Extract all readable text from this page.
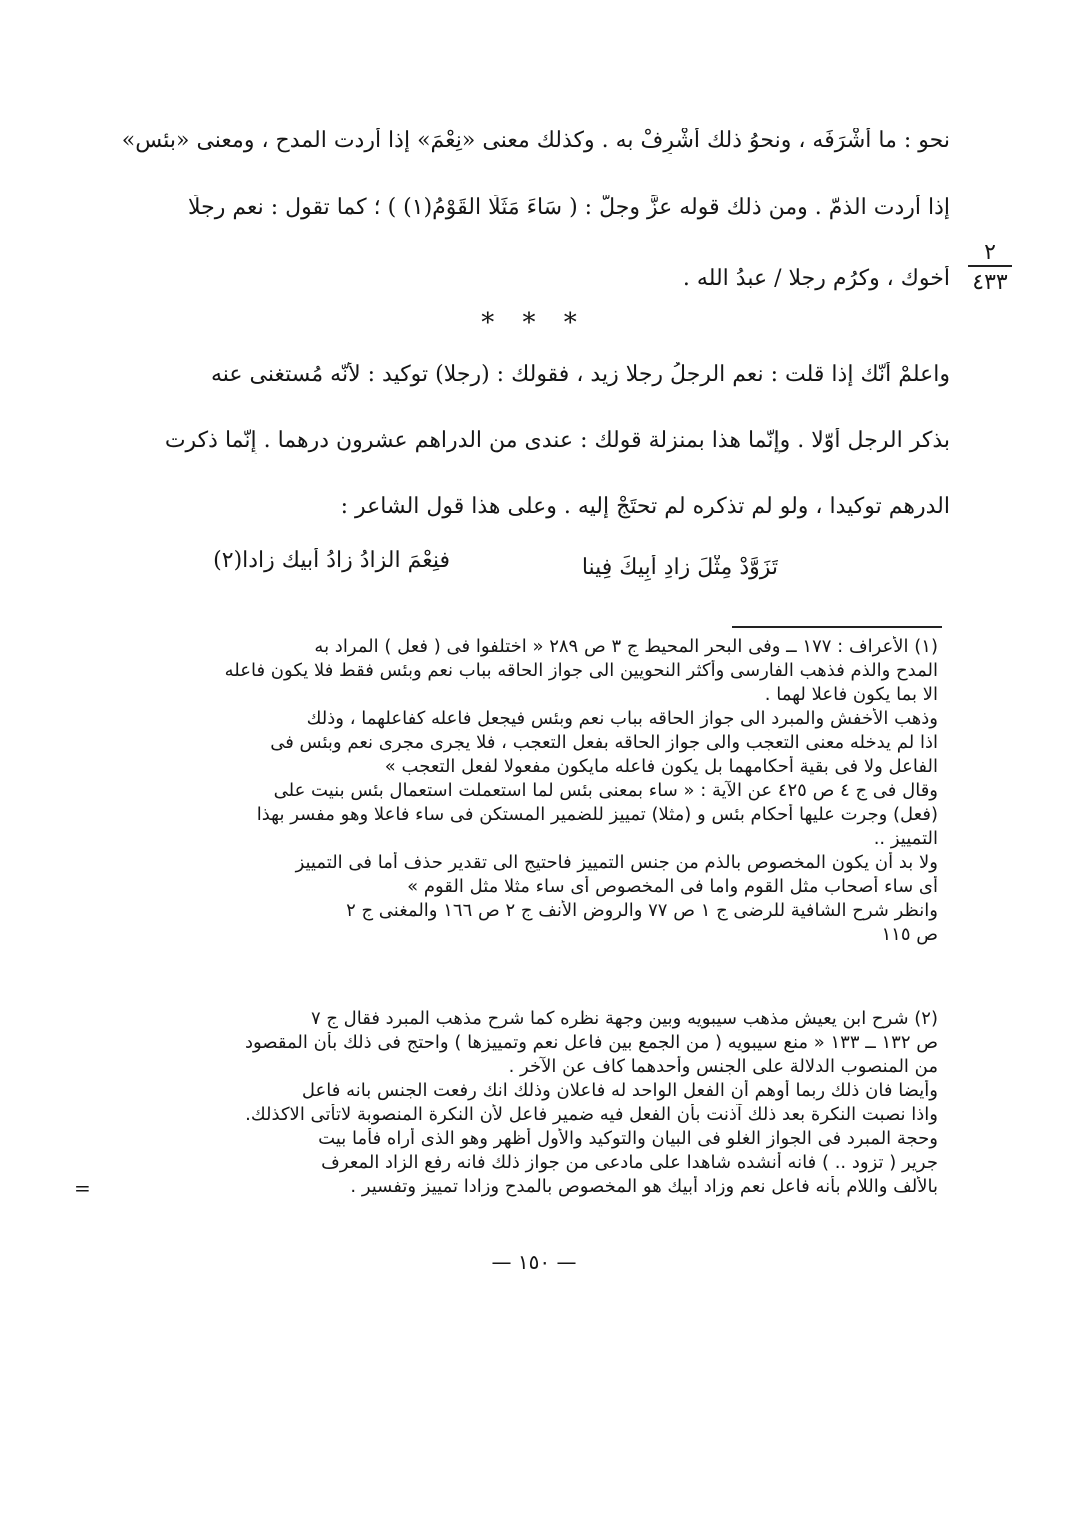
نحو : ما أشْرَفَه ، ونحوُ ذلك أَشْرِفْ به . وكذلك معنى «نِعْمَ» إذا أَردت المدح ، ومعنى «بئس»
إذا أَردت الذمّ . ومن ذلك قوله عزَّ وجلَّ : ( سَاءَ مَثَلًا القَوْمُ(١) ) ؛ كما تقول : نعم رجلًا
أَخوك ، وكرُم رجلا / عبدُ الله .
٢
٤٣٣
* * *
واعلمْ أَنّك إذا قلت : نعم الرجلُ رجلا زيد ، فقولك : (رجلا) توكيد : لأَنّه مُستغنى عنه
بذكر الرجل أَوّلا . وإِنّما هذا بمنزلة قولك : عندى من الدراهم عشرون درهما . إِنّما ذكرت
الدرهم توكيدا ، ولو لم تذكره لم تحتَجْ إليه . وعلى هذا قول الشاعر :
تَزَوَّدْ مِثْلَ زادِ أَبِيكَ فِينا
فنِعْمَ الزادُ زادُ أَبيك زادا(٢)
(١) الأعراف : ١٧٧ ــ وفى البحر المحيط ج ٣ ص ٢٨٩ « اختلفوا فى ( فعل ) المراد به
المدح والذم فذهب الفارسى وأكثر النحويين الى جواز الحاقه بباب نعم وبئس فقط فلا يكون فاعله
الا بما يكون فاعلا لهما .
وذهب الأخفش والمبرد الى جواز الحاقه بباب نعم وبئس فيجعل فاعله كفاعلهما ، وذلك
اذا لم يدخله معنى التعجب والى جواز الحاقه بفعل التعجب ، فلا يجرى مجرى نعم وبئس فى
الفاعل ولا فى بقية أحكامهما بل يكون فاعله مايكون مفعولا لفعل التعجب »
وقال فى ج ٤ ص ٤٢٥ عن الآية : « ساء بمعنى بئس لما استعملت استعمال بئس بنيت على
(فعل) وجرت عليها أحكام بئس و (مثلا) تمييز للضمير المستكن فى ساء فاعلا وهو مفسر بهذا
التمييز ..
ولا بد أن يكون المخصوص بالذم من جنس التمييز فاحتيج الى تقدير حذف أما فى التمييز
أى ساء أصحاب مثل القوم واما فى المخصوص أى ساء مثلا مثل القوم »
وانظر شرح الشافية للرضى ج ١ ص ٧٧ والروض الأنف ج ٢ ص ١٦٦ والمغنى ج ٢
ص ١١٥
(٢) شرح ابن يعيش مذهب سيبويه وبين وجهة نظره كما شرح مذهب المبرد فقال ج ٧
ص ١٣٢ ــ ١٣٣ « منع سيبويه ( من الجمع بين فاعل نعم وتمييزها ) واحتج فى ذلك بأن المقصود
من المنصوب الدلالة على الجنس وأحدهما كاف عن الآخر .
وأيضا فان ذلك ربما أوهم أن الفعل الواحد له فاعلان وذلك انك رفعت الجنس بانه فاعل
واذا نصبت النكرة بعد ذلك آذنت بأن الفعل فيه ضمير فاعل لأن النكرة المنصوبة لاتأتى الاكذلك.
وحجة المبرد فى الجواز الغلو فى البيان والتوكيد والأول أظهر وهو الذى أراه فأما بيت
جرير ( تزود .. ) فانه أنشده شاهدا على مادعى من جواز ذلك فانه رفع الزاد المعرف
بالألف واللام بأنه فاعل نعم وزاد أبيك هو المخصوص بالمدح وزادا تمييز وتفسير .
=
— ١٥٠ —
